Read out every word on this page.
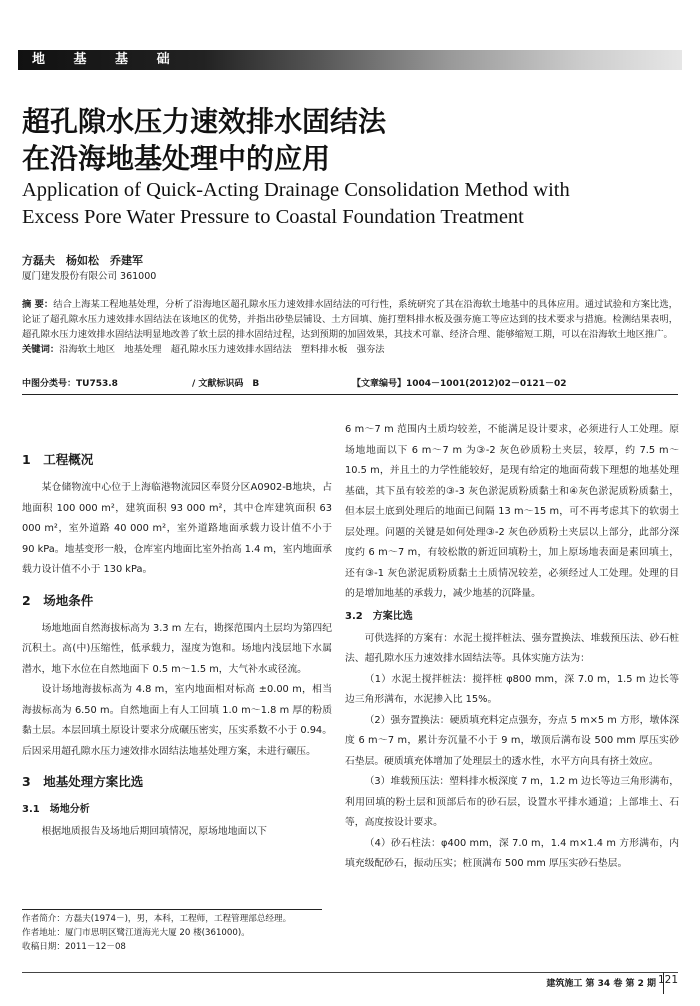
地 基 基 础
超孔隙水压力速效排水固结法
在沿海地基处理中的应用
Application of Quick-Acting Drainage Consolidation Method with
Excess Pore Water Pressure to Coastal Foundation Treatment
方磊夫　杨如松　乔建军
厦门建发股份有限公司 361000
摘 要：结合上海某工程地基处理，分析了沿海地区超孔隙水压力速效排水固结法的可行性，系统研究了其在沿海软土地基中的具体应用。通过试验和方案比选，论证了超孔隙水压力速效排水固结法在该地区的优势，并指出砂垫层铺设、土方回填、施打塑料排水板及强夯施工等应达到的技术要求与措施。检测结果表明，超孔隙水压力速效排水固结法明显地改善了软土层的排水固结过程，达到预期的加固效果，其技术可靠、经济合理、能够缩短工期，可以在沿海软土地区推广。
关键词：沿海软土地区　地基处理　超孔隙水压力速效排水固结法　塑料排水板　强夯法
中图分类号：TU753.8	/ 文献标识码　B	【文章编号】1004－1001(2012)02－0121－02
1　工程概况

某仓储物流中心位于上海临港物流园区奉贤分区A0902-B地块，占地面积 100 000 m²，建筑面积 93 000 m²，其中仓库建筑面积 63 000 m²，室外道路 40 000 m²，室外道路地面承载力设计值不小于 90 kPa。地基变形一般，仓库室内地面比室外抬高 1.4 m，室内地面承载力设计值不小于 130 kPa。

2　场地条件

场地地面自然海拔标高为 3.3 m 左右，勘探范围内土层均为第四纪沉积土。高(中)压缩性，低承载力，湿度为饱和。场地内浅层地下水属潜水，地下水位在自然地面下 0.5 m～1.5 m，大气补水或径流。

设计场地海拔标高为 4.8 m，室内地面相对标高 ±0.00 m，相当海拔标高为 6.50 m。自然地面上有人工回填 1.0 m～1.8 m 厚的粉质黏土层。本层回填土原设计要求分成碾压密实，压实系数不小于 0.94。后因采用超孔隙水压力速效排水固结法地基处理方案，未进行碾压。

3　地基处理方案比选
3.1　场地分析

根据地质报告及场地后期回填情况，原场地地面以下

6 m～7 m 范围内土质均较差，不能满足设计要求，必须进行人工处理。原场地地面以下 6 m～7 m 为③-2 灰色砂质粉土夹层，较厚，约 7.5 m～10.5 m，并且土的力学性能较好，是现有给定的地面荷载下理想的地基处理基础，其下虽有较差的③-3 灰色淤泥质粉质黏土和④灰色淤泥质粉质黏土，但本层土底到处理后的地面已间隔 13 m～15 m，可不再考虑其下的软弱土层处理。问题的关键是如何处理③-2 灰色砂质粉土夹层以上部分，此部分深度约 6 m～7 m，有较松散的新近回填粉土，加上原场地表面是素回填土，还有③-1 灰色淤泥质粉质黏土土质情况较差，必须经过人工处理。处理的目的是增加地基的承载力，减少地基的沉降量。

3.2　方案比选

可供选择的方案有：水泥土搅拌桩法、强夯置换法、堆载预压法、砂石桩法、超孔隙水压力速效排水固结法等。具体实施方法为：

（1）水泥土搅拌桩法：搅拌桩 φ800 mm，深 7.0 m，1.5 m 边长等边三角形满布，水泥掺入比 15%。

（2）强夯置换法：硬质填充料定点强夯，夯点 5 m×5 m 方形，墩体深度 6 m～7 m，累计夯沉量不小于 9 m，墩顶后满布设 500 mm 厚压实砂石垫层。硬质填充体增加了处理层土的透水性，水平方向具有挤土效应。

（3）堆载预压法：塑料排水板深度 7 m，1.2 m 边长等边三角形满布，利用回填的粉土层和顶部后布的砂石层，设置水平排水通道；上部堆土、石等，高度按设计要求。

（4）砂石柱法：φ400 mm，深 7.0 m，1.4 m×1.4 m 方形满布，内填充级配砂石，振动压实；桩顶满布 500 mm 厚压实砂石垫层。

作者简介：方磊夫(1974－)，男，本科，工程师，工程管理部总经理。
作者地址：厦门市思明区鹭江道海光大厦 20 楼(361000)。
收稿日期：2011－12－08
建筑施工 第 34 卷 第 2 期 121
